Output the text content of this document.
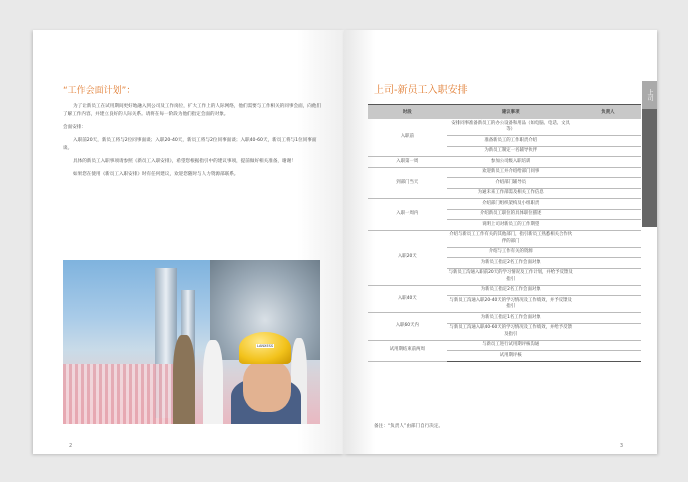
“工作会面计划”：

为了让新员工在试用期间更好地融入到公司及工作岗位，扩大工作上的人际网络，他们需要与工作相关的同事会面，向他们了解工作内容，并建立良好的人际关系。请将在每一阶段为他们指定会面的对象。

会面安排：

入职前20天，新员工将与2位同事面谈；入职20-40天，新员工将与2位同事面谈；入职40-60天，新员工将与1位同事面谈。

具体的新员工入职事项请参照《新员工入职安排》，希望您根据指引中的建议事项，提前做好相关准备，谢谢！

如果您在使用《新员工入职安排》时有任何建议，欢迎您随时与人力资源部联系。

LANXESS
2
上司
上司-新员工入职安排
时段	建议事项	负责人
入职前	安排同事准备新员工的办公设备和用品（如电脑、电话、文具等）	
	准备新员工的工作职责介绍	
	为新员工制定一名辅导伙伴	
入职第一周	参加公司级入职培训	
到部门当天	欢迎新员工并介绍给部门同事	
	介绍部门辅导员	
	为通未来工作部需及相关工作信息	
入职一周内	介绍部门组织架构及小组职责	
	介绍新员工职位的具体职位描述	
	说明上司对新员工的工作期望	
入职20天	介绍与新员工工作有关的其他部门，指引新员工熟悉相关合作伙伴的部门	
	介绍与工作有关的资源	
	为新员工指定2名工作会面对象	
	与新员工沟通入职前20天的学习情况及工作计划，并给予反馈及指引	
入职40天	为新员工指定2名工作会面对象	
	与新员工沟通入职20-40天的学习情况及工作绩效，并予反馈及指引	
入职60天内	为新员工指定1名工作会面对象	
	与新员工沟通入职40-60天的学习情况及工作绩效，并给予反馈及指引	
试用期结束前两周	与新员工进行试用期评核沟通	
	试用期评核	
备注：“负责人”由部门自行决定。
3
